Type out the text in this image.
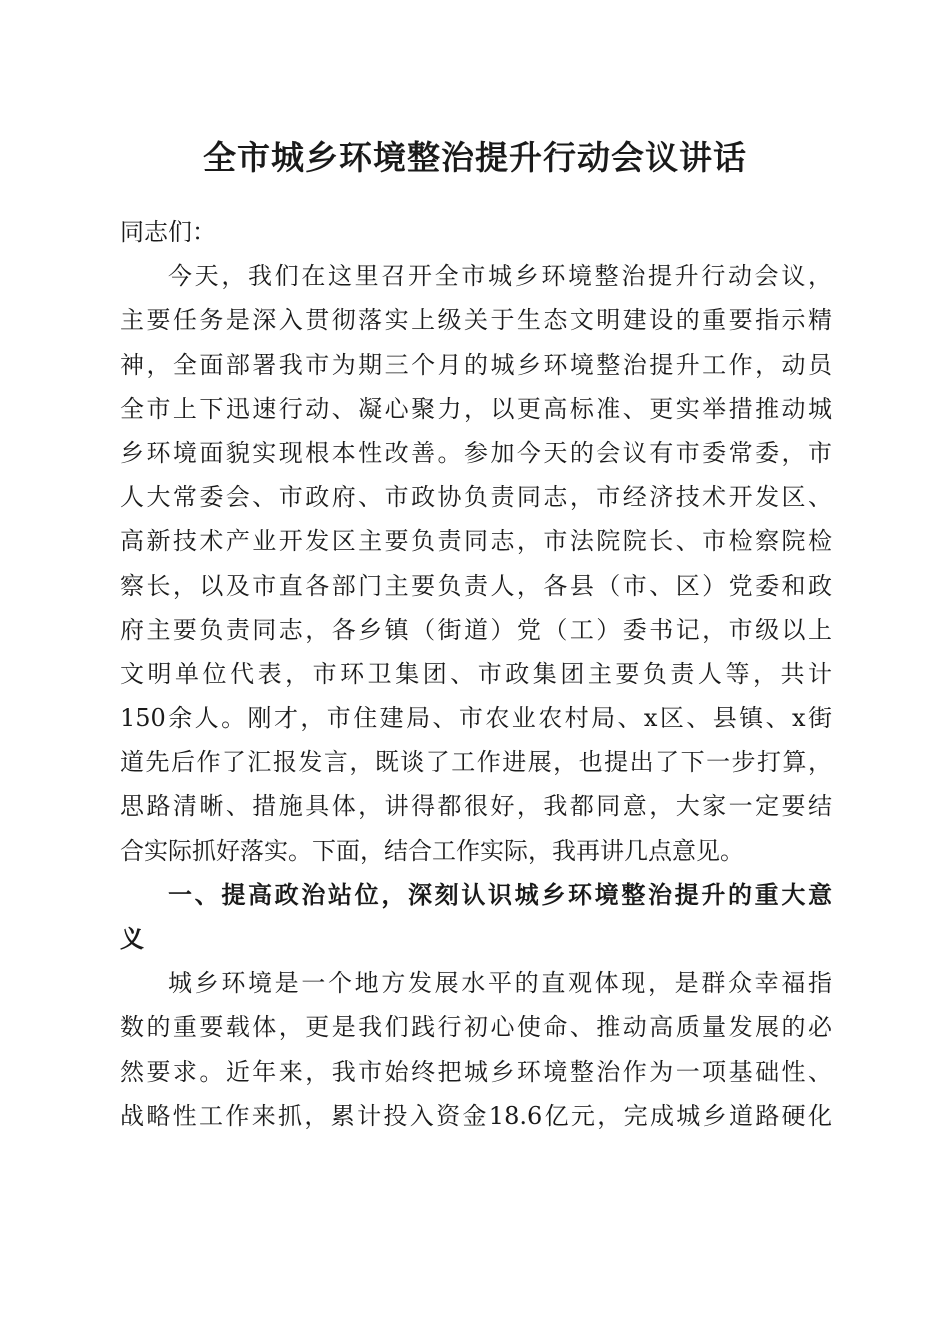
全市城乡环境整治提升行动会议讲话
同志们：
今天，我们在这里召开全市城乡环境整治提升行动会议，
主要任务是深入贯彻落实上级关于生态文明建设的重要指示精
神，全面部署我市为期三个月的城乡环境整治提升工作，动员
全市上下迅速行动、凝心聚力，以更高标准、更实举措推动城
乡环境面貌实现根本性改善。参加今天的会议有市委常委，市
人大常委会、市政府、市政协负责同志，市经济技术开发区、
高新技术产业开发区主要负责同志，市法院院长、市检察院检
察长，以及市直各部门主要负责人，各县（市、区）党委和政
府主要负责同志，各乡镇（街道）党（工）委书记，市级以上
文明单位代表，市环卫集团、市政集团主要负责人等，共计
150余人。刚才，市住建局、市农业农村局、x区、县镇、x街
道先后作了汇报发言，既谈了工作进展，也提出了下一步打算，
思路清晰、措施具体，讲得都很好，我都同意，大家一定要结
合实际抓好落实。下面，结合工作实际，我再讲几点意见。
一、提高政治站位，深刻认识城乡环境整治提升的重大意
义
城乡环境是一个地方发展水平的直观体现，是群众幸福指
数的重要载体，更是我们践行初心使命、推动高质量发展的必
然要求。近年来，我市始终把城乡环境整治作为一项基础性、
战略性工作来抓，累计投入资金18.6亿元，完成城乡道路硬化
